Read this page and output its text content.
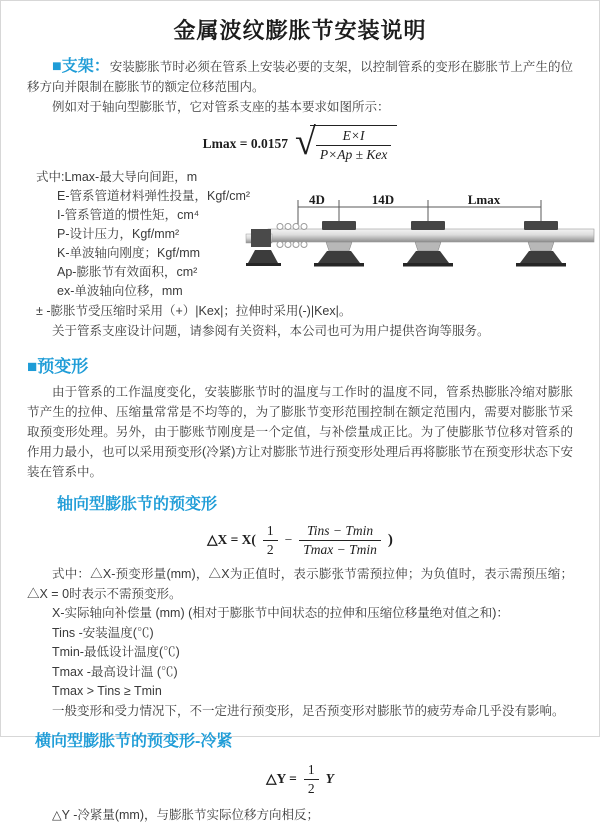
金属波纹膨胀节安装说明

■支架：安装膨胀节时必须在管系上安装必要的支架，以控制管系的变形在膨胀节上产生的位移方向并限制在膨胀节的额定位移范围内。

例如对于轴向型膨胀节，它对管系支座的基本要求如图所示：

Lmax = 0.0157 √ $\frac{E\times I}{\text{P×Ap ± Kex}}$
式中:Lmax-最大导向间距，m
E-管系管道材料弹性投量，Kgf/cm²
I-管系管道的惯性矩，cm⁴
P-设计压力，Kgf/mm²
K-单波轴向刚度；Kgf/mm
Ap-膨胀节有效面积，cm²
ex-单波轴向位移，mm
± -膨胀节受压缩时采用（+）|Kex|；拉伸时采用(-)|Kex|。

关于管系支座设计问题，请参阅有关资料，本公司也可为用户提供咨询等服务。

4D	14D	Lmax
■预变形

由于管系的工作温度变化，安装膨胀节时的温度与工作时的温度不同，管系热膨胀冷缩对膨胀节产生的拉伸、压缩量常常是不均等的，为了膨胀节变形范围控制在额定范围内，需要对膨胀节采取预变形处理。另外，由于膨账节刚度是一个定值，与补偿量成正比。为了使膨胀节位移对管系的作用力最小，也可以采用预变形(冷紧)方让对膨胀节进行预变形处理后再将膨胀节在预变形状态下安装在管系中。

轴向型膨胀节的预变形
△X = $X( \frac{1}{2} - \frac{\text{Tins − Tmin}}{Tmax - Tmin}$ )

式中：△X-预变形量(mm)，△X为正值时，表示膨张节需预拉伸；为负值时，表示需预压缩；△X = 0时表示不需预变形。

X-实际轴向补偿量 (mm) (相对于膨胀节中间状态的拉伸和压缩位移量绝对值之和)：

Tins -安装温度(℃)

Tmin-最低设计温度(℃)

Tmax -最高设计温 (℃)

Tmax > Tins ≥ Tmin

一般变形和受力情况下，不一定进行预变形，足否预变形对膨胀节的疲劳寿命几乎没有影响。

横向型膨胀节的预变形-冷紧
△Y = $\frac{1}{2}$ Y

△Y -冷紧量(mm)，与膨胀节实际位移方向相反；
